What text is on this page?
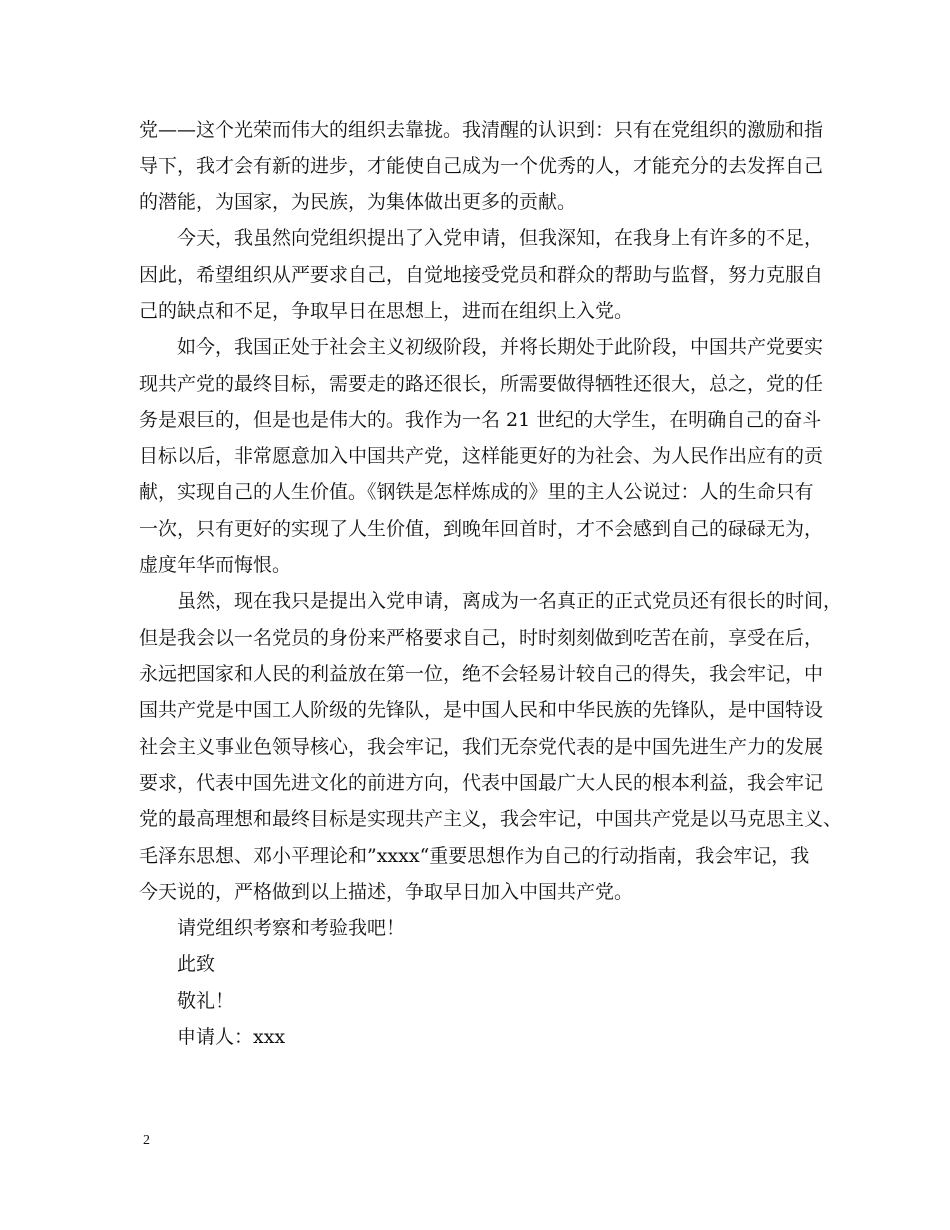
党——这个光荣而伟大的组织去靠拢。我清醒的认识到：只有在党组织的激励和指
导下，我才会有新的进步，才能使自己成为一个优秀的人，才能充分的去发挥自己
的潜能，为国家，为民族，为集体做出更多的贡献。
今天，我虽然向党组织提出了入党申请，但我深知，在我身上有许多的不足，
因此，希望组织从严要求自己，自觉地接受党员和群众的帮助与监督，努力克服自
己的缺点和不足，争取早日在思想上，进而在组织上入党。
如今，我国正处于社会主义初级阶段，并将长期处于此阶段，中国共产党要实
现共产党的最终目标，需要走的路还很长，所需要做得牺牲还很大，总之，党的任
务是艰巨的，但是也是伟大的。我作为一名 21 世纪的大学生，在明确自己的奋斗
目标以后，非常愿意加入中国共产党，这样能更好的为社会、为人民作出应有的贡
献，实现自己的人生价值。《钢铁是怎样炼成的》里的主人公说过：人的生命只有
一次，只有更好的实现了人生价值，到晚年回首时，才不会感到自己的碌碌无为，
虚度年华而悔恨。
虽然，现在我只是提出入党申请，离成为一名真正的正式党员还有很长的时间，
但是我会以一名党员的身份来严格要求自己，时时刻刻做到吃苦在前，享受在后，
永远把国家和人民的利益放在第一位，绝不会轻易计较自己的得失，我会牢记，中
国共产党是中国工人阶级的先锋队，是中国人民和中华民族的先锋队，是中国特设
社会主义事业色领导核心，我会牢记，我们无奈党代表的是中国先进生产力的发展
要求，代表中国先进文化的前进方向，代表中国最广大人民的根本利益，我会牢记
党的最高理想和最终目标是实现共产主义，我会牢记，中国共产党是以马克思主义、
毛泽东思想、邓小平理论和”xxxx“重要思想作为自己的行动指南，我会牢记，我
今天说的，严格做到以上描述，争取早日加入中国共产党。
请党组织考察和考验我吧！
此致
敬礼！
申请人：xxx
2
